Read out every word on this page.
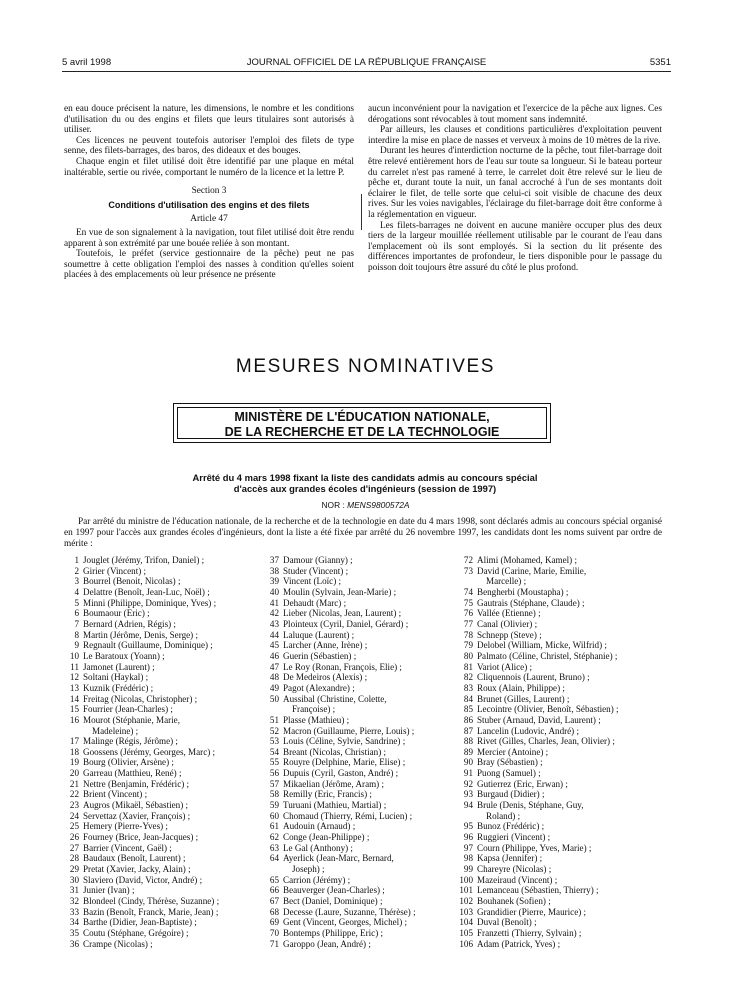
5 avril 1998	JOURNAL OFFICIEL DE LA RÉPUBLIQUE FRANÇAISE	5351

en eau douce précisent la nature, les dimensions, le nombre et les conditions d'utilisation du ou des engins et filets que leurs titulaires sont autorisés à utiliser.

Ces licences ne peuvent toutefois autoriser l'emploi des filets de type senne, des filets-barrages, des baros, des dideaux et des bouges.

Chaque engin et filet utilisé doit être identifié par une plaque en métal inaltérable, sertie ou rivée, comportant le numéro de la licence et la lettre P.

Section 3

Conditions d'utilisation des engins et des filets

Article 47

En vue de son signalement à la navigation, tout filet utilisé doit être rendu apparent à son extrémité par une bouée reliée à son montant.

Toutefois, le préfet (service gestionnaire de la pêche) peut ne pas soumettre à cette obligation l'emploi des nasses à condition qu'elles soient placées à des emplacements où leur présence ne présente

aucun inconvénient pour la navigation et l'exercice de la pêche aux lignes. Ces dérogations sont révocables à tout moment sans indemnité.

Par ailleurs, les clauses et conditions particulières d'exploitation peuvent interdire la mise en place de nasses et verveux à moins de 10 mètres de la rive.

Durant les heures d'interdiction nocturne de la pêche, tout filet-barrage doit être relevé entièrement hors de l'eau sur toute sa longueur. Si le bateau porteur du carrelet n'est pas ramené à terre, le carrelet doit être relevé sur le lieu de pêche et, durant toute la nuit, un fanal accroché à l'un de ses montants doit éclairer le filet, de telle sorte que celui-ci soit visible de chacune des deux rives. Sur les voies navigables, l'éclairage du filet-barrage doit être conforme à la réglementation en vigueur.

Les filets-barrages ne doivent en aucune manière occuper plus des deux tiers de la largeur mouillée réellement utilisable par le courant de l'eau dans l'emplacement où ils sont employés. Si la section du lit présente des différences importantes de profondeur, le tiers disponible pour le passage du poisson doit toujours être assuré du côté le plus profond.

MESURES NOMINATIVES
MINISTÈRE DE L'ÉDUCATION NATIONALE,
DE LA RECHERCHE ET DE LA TECHNOLOGIE
Arrêté du 4 mars 1998 fixant la liste des candidats admis au concours spécial
d'accès aux grandes écoles d'ingénieurs (session de 1997)
NOR : MENS9800572A
Par arrêté du ministre de l'éducation nationale, de la recherche et de la technologie en date du 4 mars 1998, sont déclarés admis au concours spécial organisé en 1997 pour l'accès aux grandes écoles d'ingénieurs, dont la liste a été fixée par arrêté du 26 novembre 1997, les candidats dont les noms suivent par ordre de mérite :
1 Jouglet (Jérémy, Trifon, Daniel) ;
2 Girier (Vincent) ;
3 Bourrel (Benoit, Nicolas) ;
4 Delattre (Benoît, Jean-Luc, Noël) ;
5 Minni (Philippe, Dominique, Yves) ;
6 Boumaour (Eric) ;
7 Bernard (Adrien, Régis) ;
8 Martin (Jérôme, Denis, Serge) ;
9 Regnault (Guillaume, Dominique) ;
10 Le Baratoux (Yoann) ;
11 Jamonet (Laurent) ;
12 Soltani (Haykal) ;
13 Kuznik (Frédéric) ;
14 Freitag (Nicolas, Christopher) ;
15 Fourrier (Jean-Charles) ;
16 Mourot (Stéphanie, Marie,
Madeleine) ;
17 Malinge (Régis, Jérôme) ;
18 Goossens (Jérémy, Georges, Marc) ;
19 Bourg (Olivier, Arsène) ;
20 Garreau (Matthieu, René) ;
21 Nettre (Benjamin, Frédéric) ;
22 Brient (Vincent) ;
23 Augros (Mikaël, Sébastien) ;
24 Servettaz (Xavier, François) ;
25 Hemery (Pierre-Yves) ;
26 Fourney (Brice, Jean-Jacques) ;
27 Barrier (Vincent, Gaël) ;
28 Baudaux (Benoît, Laurent) ;
29 Pretat (Xavier, Jacky, Alain) ;
30 Slaviero (David, Victor, André) ;
31 Junier (Ivan) ;
32 Blondeel (Cindy, Thérèse, Suzanne) ;
33 Bazin (Benoît, Franck, Marie, Jean) ;
34 Barthe (Didier, Jean-Baptiste) ;
35 Coutu (Stéphane, Grégoire) ;
36 Crampe (Nicolas) ;
37 Damour (Gianny) ;
38 Studer (Vincent) ;
39 Vincent (Loïc) ;
40 Moulin (Sylvain, Jean-Marie) ;
41 Dehaudt (Marc) ;
42 Lieber (Nicolas, Jean, Laurent) ;
43 Plointeux (Cyril, Daniel, Gérard) ;
44 Laluque (Laurent) ;
45 Larcher (Anne, Irène) ;
46 Guerin (Sébastien) ;
47 Le Roy (Ronan, François, Elie) ;
48 De Medeiros (Alexis) ;
49 Pagot (Alexandre) ;
50 Aussibal (Christine, Colette,
Françoise) ;
51 Plasse (Mathieu) ;
52 Macron (Guillaume, Pierre, Louis) ;
53 Louis (Céline, Sylvie, Sandrine) ;
54 Breant (Nicolas, Christian) ;
55 Rouyre (Delphine, Marie, Elise) ;
56 Dupuis (Cyril, Gaston, André) ;
57 Mikaelian (Jérôme, Aram) ;
58 Remilly (Eric, Francis) ;
59 Turuani (Mathieu, Martial) ;
60 Chomaud (Thierry, Rémi, Lucien) ;
61 Audouin (Arnaud) ;
62 Conge (Jean-Philippe) ;
63 Le Gal (Anthony) ;
64 Ayerlick (Jean-Marc, Bernard,
Joseph) ;
65 Carrion (Jérémy) ;
66 Beauverger (Jean-Charles) ;
67 Bect (Daniel, Dominique) ;
68 Decesse (Laure, Suzanne, Thérèse) ;
69 Gent (Vincent, Georges, Michel) ;
70 Bontemps (Philippe, Eric) ;
71 Garoppo (Jean, André) ;
72 Alimi (Mohamed, Kamel) ;
73 David (Carine, Marie, Emilie,
Marcelle) ;
74 Bengherbi (Moustapha) ;
75 Gautrais (Stéphane, Claude) ;
76 Vallée (Etienne) ;
77 Canal (Olivier) ;
78 Schnepp (Steve) ;
79 Delobel (William, Micke, Wilfrid) ;
80 Palmato (Céline, Christel, Stéphanie) ;
81 Variot (Alice) ;
82 Cliquennois (Laurent, Bruno) ;
83 Roux (Alain, Philippe) ;
84 Brunet (Gilles, Laurent) ;
85 Lecointre (Olivier, Benoît, Sébastien) ;
86 Stuber (Arnaud, David, Laurent) ;
87 Lancelin (Ludovic, André) ;
88 Rivet (Gilles, Charles, Jean, Olivier) ;
89 Mercier (Antoine) ;
90 Bray (Sébastien) ;
91 Puong (Samuel) ;
92 Gutierrez (Eric, Erwan) ;
93 Burgaud (Didier) ;
94 Brule (Denis, Stéphane, Guy,
Roland) ;
95 Bunoz (Frédéric) ;
96 Ruggieri (Vincent) ;
97 Courn (Philippe, Yves, Marie) ;
98 Kapsa (Jennifer) ;
99 Chareyre (Nicolas) ;
100 Mazeiraud (Vincent) ;
101 Lemanceau (Sébastien, Thierry) ;
102 Bouhanek (Sofien) ;
103 Grandidier (Pierre, Maurice) ;
104 Duval (Benoît) ;
105 Franzetti (Thierry, Sylvain) ;
106 Adam (Patrick, Yves) ;
